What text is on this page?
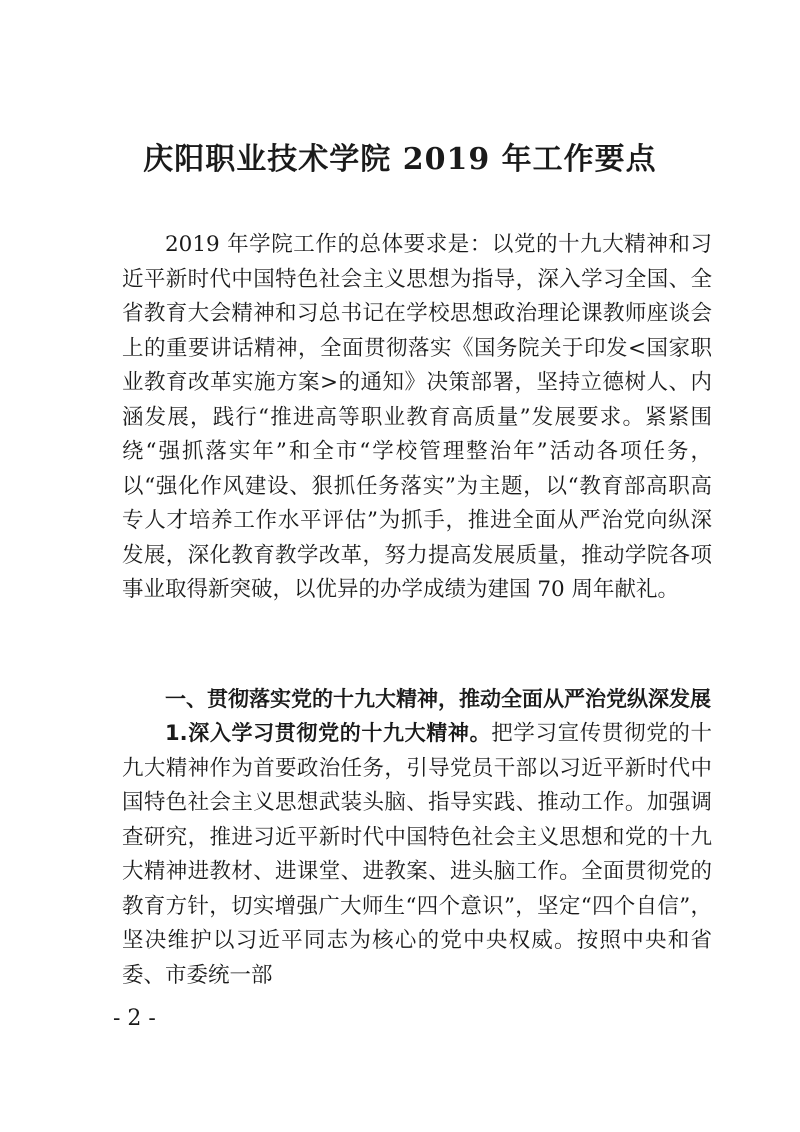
庆阳职业技术学院 2019 年工作要点
2019 年学院工作的总体要求是：以党的十九大精神和习近平新时代中国特色社会主义思想为指导，深入学习全国、全省教育大会精神和习总书记在学校思想政治理论课教师座谈会上的重要讲话精神，全面贯彻落实《国务院关于印发<国家职业教育改革实施方案>的通知》决策部署，坚持立德树人、内涵发展，践行“推进高等职业教育高质量”发展要求。紧紧围绕“强抓落实年”和全市“学校管理整治年”活动各项任务，以“强化作风建设、狠抓任务落实”为主题，以“教育部高职高专人才培养工作水平评估”为抓手，推进全面从严治党向纵深发展，深化教育教学改革，努力提高发展质量，推动学院各项事业取得新突破，以优异的办学成绩为建国 70 周年献礼。
一、贯彻落实党的十九大精神，推动全面从严治党纵深发展
1.深入学习贯彻党的十九大精神。把学习宣传贯彻党的十九大精神作为首要政治任务，引导党员干部以习近平新时代中国特色社会主义思想武装头脑、指导实践、推动工作。加强调查研究，推进习近平新时代中国特色社会主义思想和党的十九大精神进教材、进课堂、进教案、进头脑工作。全面贯彻党的教育方针，切实增强广大师生“四个意识”，坚定“四个自信”，坚决维护以习近平同志为核心的党中央权威。按照中央和省委、市委统一部
- 2 -
